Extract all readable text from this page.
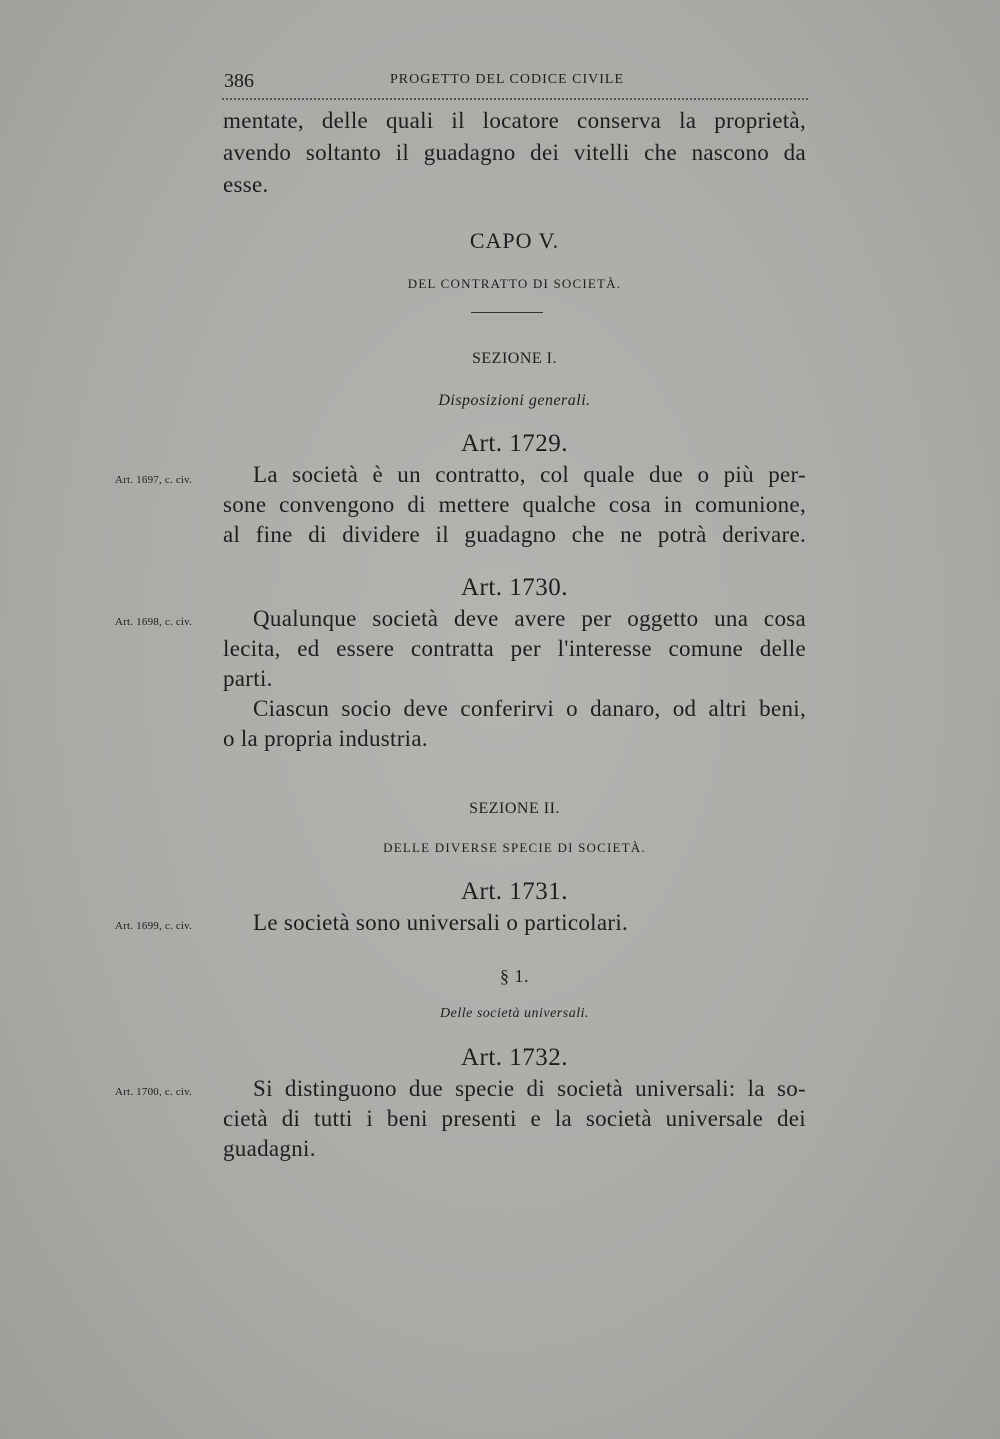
386	PROGETTO DEL CODICE CIVILE
mentate, delle quali il locatore conserva la proprietà,
avendo soltanto il guadagno dei vitelli che nascono da
esse.
CAPO V.
DEL CONTRATTO DI SOCIETÀ.
SEZIONE I.
Disposizioni generali.
Art. 1729.
Art. 1697, c. civ.	La società è un contratto, col quale due o più per-
sone convengono di mettere qualche cosa in comunione,
al fine di dividere il guadagno che ne potrà derivare.
Art. 1730.
Art. 1698, c. civ.	Qualunque società deve avere per oggetto una cosa
lecita, ed essere contratta per l'interesse comune delle
parti.
Ciascun socio deve conferirvi o danaro, od altri beni,
o la propria industria.
SEZIONE II.
DELLE DIVERSE SPECIE DI SOCIETÀ.
Art. 1731.
Art. 1699, c. civ.	Le società sono universali o particolari.
§ 1.
Delle società universali.
Art. 1732.
Art. 1700, c. civ.	Si distinguono due specie di società universali: la so-
cietà di tutti i beni presenti e la società universale dei
guadagni.
